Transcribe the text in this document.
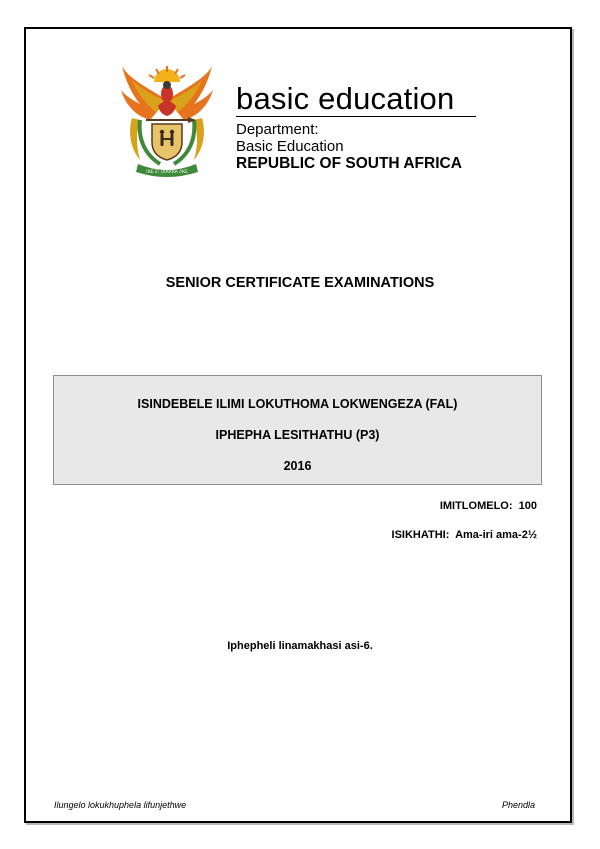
!KE E: /XARRA //KE
basic education
Department:
Basic Education
REPUBLIC OF SOUTH AFRICA
SENIOR CERTIFICATE EXAMINATIONS
ISINDEBELE ILIMI LOKUTHOMA LOKWENGEZA (FAL)
IPHEPHA LESITHATHU (P3)
2016
IMITLOMELO:  100
ISIKHATHI:  Ama-iri ama-2½
Iphepheli linamakhasi asi-6.
Ilungelo lokukhuphela lifunjethwe	Phendla
